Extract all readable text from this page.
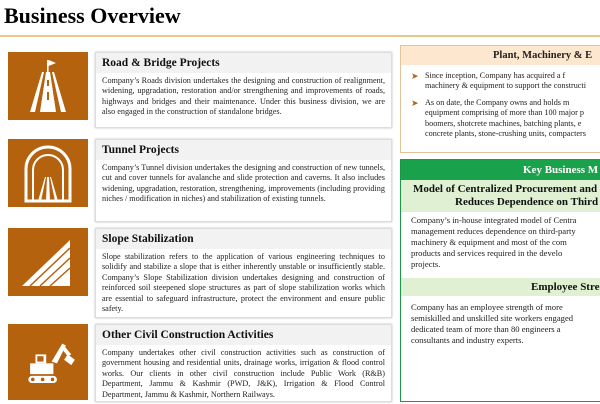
Business Overview
Road & Bridge Projects
Company’s Roads division undertakes the designing and construction of realignment, widening, upgradation, restoration and/or strengthening and improvements of roads, highways and bridges and their maintenance. Under this business division, we are also engaged in the construction of standalone bridges.
Tunnel Projects
Company’s Tunnel division undertakes the designing and construction of new tunnels, cut and cover tunnels for avalanche and slide protection and caverns. It also includes widening, upgradation, restoration, strengthening, improvements (including providing niches / modification in niches) and stabilization of existing tunnels.
Slope Stabilization
Slope stabilization refers to the application of various engineering techniques to solidify and stabilize a slope that is either inherently unstable or insufficiently stable. Company’s Slope Stabilization division undertakes designing and construction of reinforced soil steepened slope structures as part of slope stabilization works which are essential to safeguard infrastructure, protect the environment and ensure public safety.
Other Civil Construction Activities
Company undertakes other civil construction activities such as construction of government housing and residential units, drainage works, irrigation & flood control works. Our clients in other civil construction include Public Work (R&B) Department, Jammu & Kashmir (PWD, J&K), Irrigation & Flood Control Department, Jammu & Kashmir, Northern Railways.
Plant, Machinery & E
➤ Since inception, Company has acquired a f
machinery & equipment to support the constructi
➤ As on date, the Company owns and holds m
equipment comprising of more than 100 major p
boomers, shotcrete machines, batching plants, e
concrete plants, stone-crushing units, compacters
Key Business M
Model of Centralized Procurement and
Reduces Dependence on Third
Company’s in-house integrated model of Centra
management reduces dependence on third-party
machinery & equipment and most of the com
products and services required in the develo
projects.
Employee Stre
Company has an employee strength of more
semiskilled and unskilled site workers engaged
dedicated team of more than 80 engineers a
consultants and industry experts.
